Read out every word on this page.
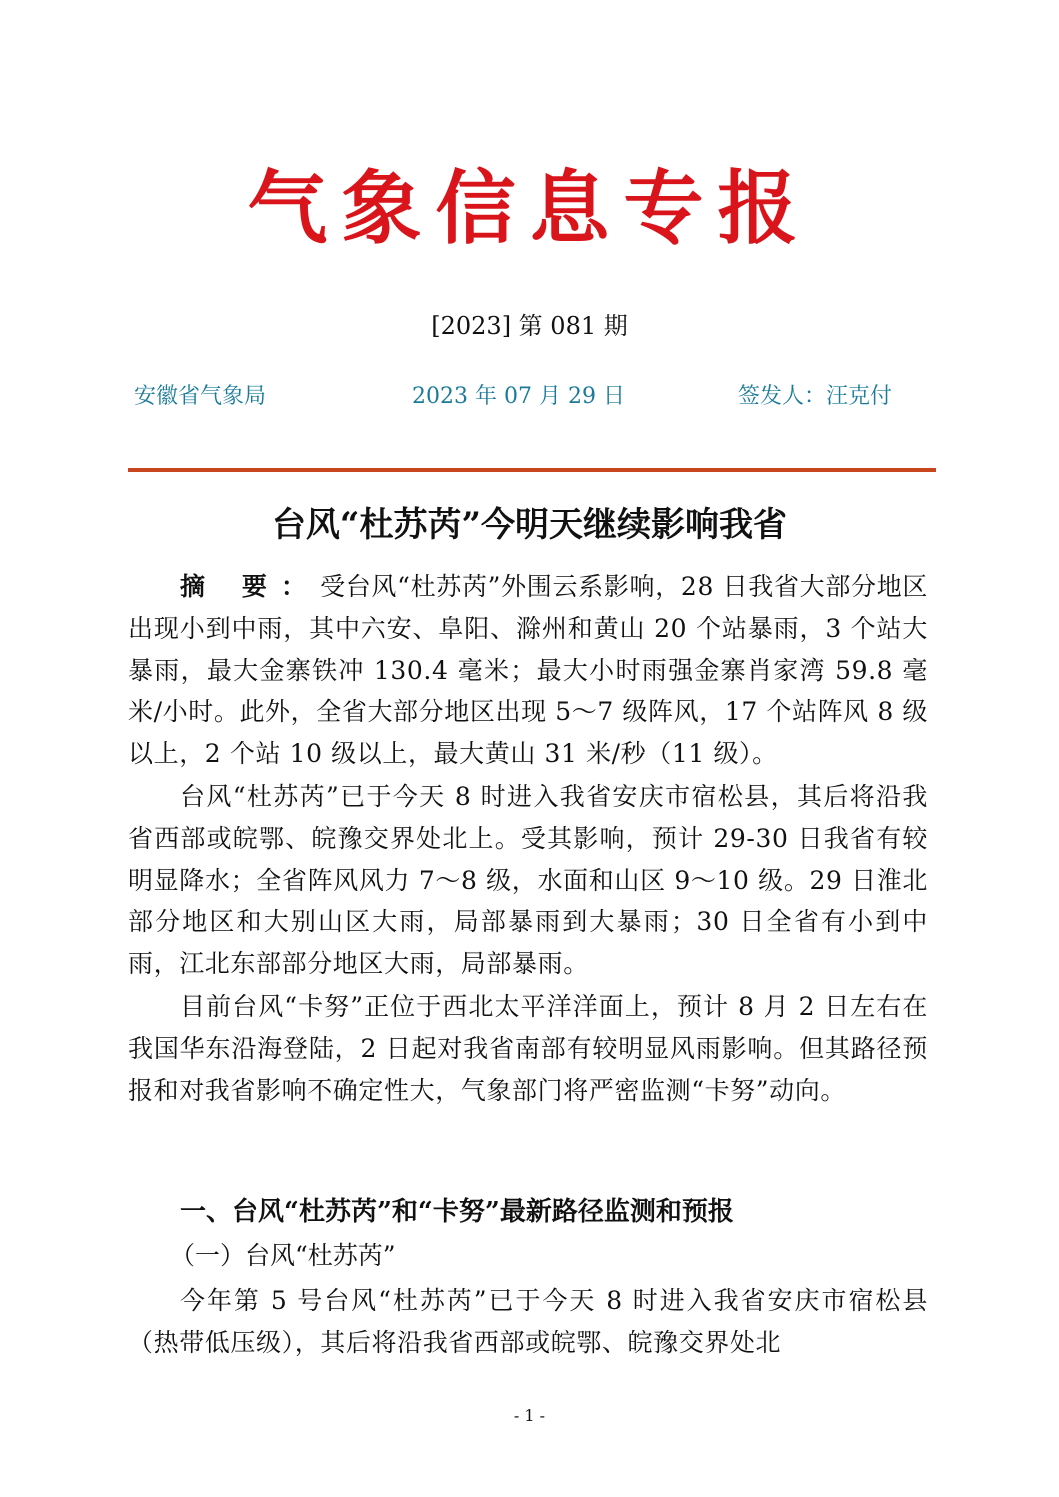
气象信息专报
[2023] 第 081 期
安徽省气象局	2023 年 07 月 29 日	签发人：汪克付
台风“杜苏芮”今明天继续影响我省

摘 要：受台风“杜苏芮”外围云系影响，28 日我省大部分地区出现小到中雨，其中六安、阜阳、滁州和黄山 20 个站暴雨，3 个站大暴雨，最大金寨铁冲 130.4 毫米；最大小时雨强金寨肖家湾 59.8 毫米/小时。此外，全省大部分地区出现 5～7 级阵风，17 个站阵风 8 级以上，2 个站 10 级以上，最大黄山 31 米/秒（11 级）。

台风“杜苏芮”已于今天 8 时进入我省安庆市宿松县，其后将沿我省西部或皖鄂、皖豫交界处北上。受其影响，预计 29-30 日我省有较明显降水；全省阵风风力 7～8 级，水面和山区 9～10 级。29 日淮北部分地区和大别山区大雨，局部暴雨到大暴雨；30 日全省有小到中雨，江北东部部分地区大雨，局部暴雨。

目前台风“卡努”正位于西北太平洋洋面上，预计 8 月 2 日左右在我国华东沿海登陆，2 日起对我省南部有较明显风雨影响。但其路径预报和对我省影响不确定性大，气象部门将严密监测“卡努”动向。

一、台风“杜苏芮”和“卡努”最新路径监测和预报
（一）台风“杜苏芮”

今年第 5 号台风“杜苏芮”已于今天 8 时进入我省安庆市宿松县（热带低压级），其后将沿我省西部或皖鄂、皖豫交界处北

- 1 -
